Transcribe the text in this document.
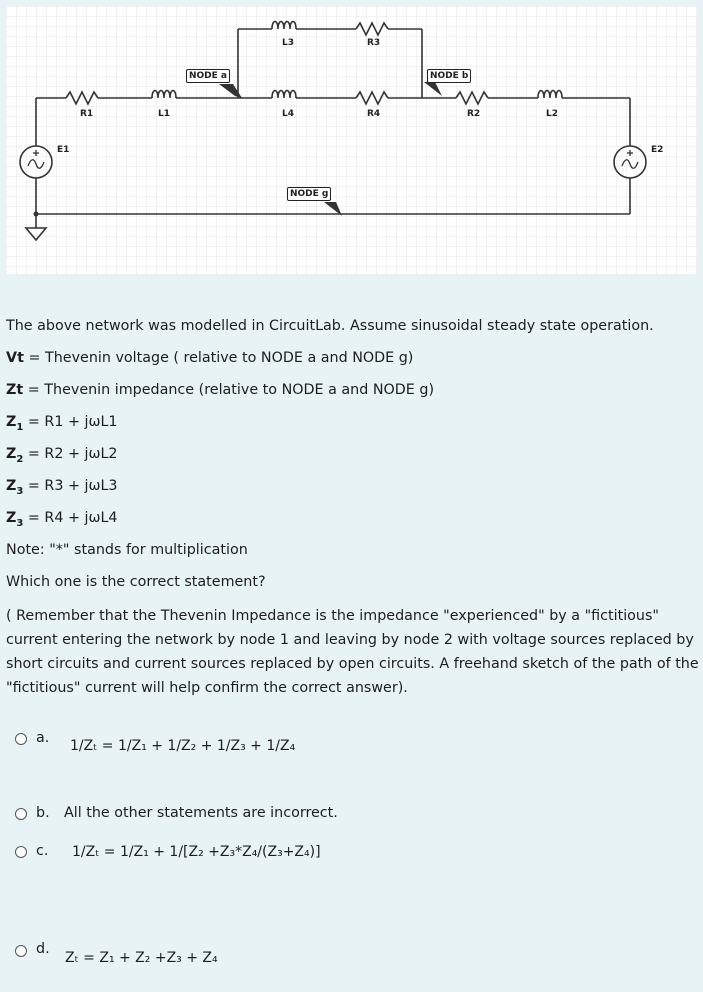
L3	R3
R1	L1	L4	R4	R2	L2
E1	E2
NODE a	NODE b
NODE g
The above network was modelled in CircuitLab. Assume sinusoidal steady state operation.
Vt = Thevenin voltage ( relative to NODE a and NODE g)
Zt = Thevenin impedance (relative to NODE a and NODE g)
$Z_1 = R1 + j\omega L1$
$Z_2 = R2 + j\omega L2$
$Z_3 = R3 + j\omega L3$
$Z_3 = R4 + j\omega L4$
Note: "*" stands for multiplication
Which one is the correct statement?
( Remember that the Thevenin Impedance is the impedance "experienced" by a "fictitious" current entering the network by node 1 and leaving by node 2 with voltage sources replaced by short circuits and current sources replaced by open circuits. A freehand sketch of the path of the "fictitious" current will help confirm the correct answer).
a. 1/Zₜ = 1/Z₁ + 1/Z₂ + 1/Z₃ + 1/Z₄
b. All the other statements are incorrect.
c. 1/Zₜ = 1/Z₁ + 1/[Z₂ +Z₃*Z₄/(Z₃+Z₄)]
d.
Zₜ = Z₁ + Z₂ +Z₃ + Z₄
